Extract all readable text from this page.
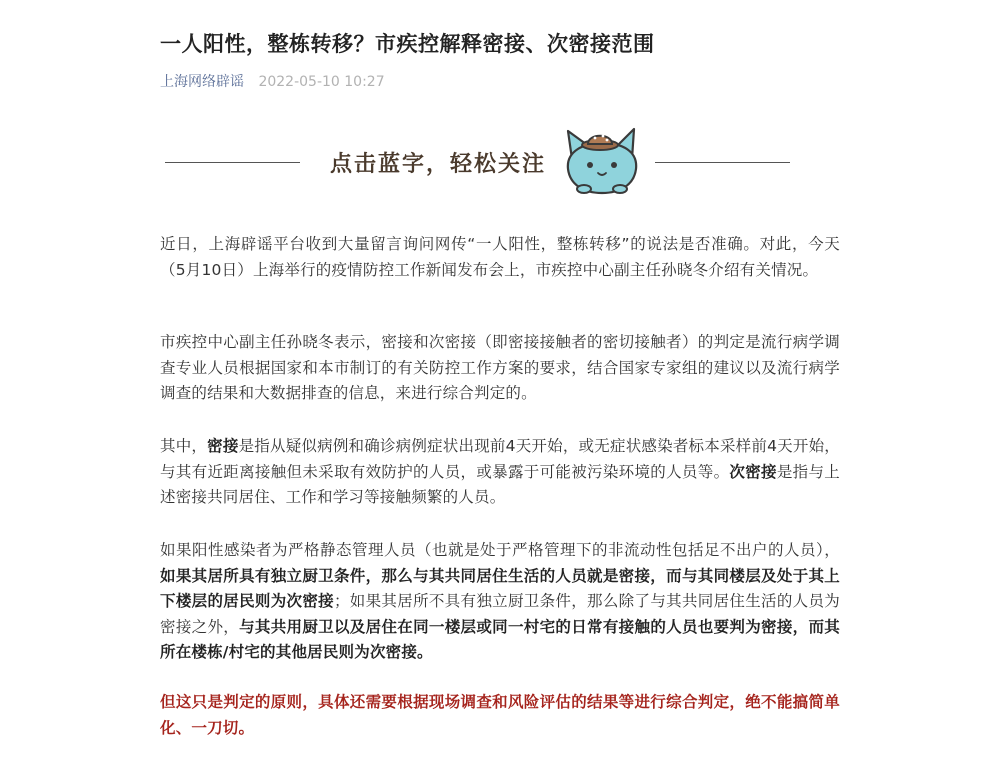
一人阳性，整栋转移？市疾控解释密接、次密接范围
上海网络辟谣 2022-05-10 10:27
点击蓝字，轻松关注
近日，上海辟谣平台收到大量留言询问网传“一人阳性，整栋转移”的说法是否准确。对此，今天（5月10日）上海举行的疫情防控工作新闻发布会上，市疾控中心副主任孙晓冬介绍有关情况。
市疾控中心副主任孙晓冬表示，密接和次密接（即密接接触者的密切接触者）的判定是流行病学调查专业人员根据国家和本市制订的有关防控工作方案的要求，结合国家专家组的建议以及流行病学调查的结果和大数据排查的信息，来进行综合判定的。
其中，密接是指从疑似病例和确诊病例症状出现前4天开始，或无症状感染者标本采样前4天开始，与其有近距离接触但未采取有效防护的人员，或暴露于可能被污染环境的人员等。次密接是指与上述密接共同居住、工作和学习等接触频繁的人员。
如果阳性感染者为严格静态管理人员（也就是处于严格管理下的非流动性包括足不出户的人员），如果其居所具有独立厨卫条件，那么与其共同居住生活的人员就是密接，而与其同楼层及处于其上下楼层的居民则为次密接；如果其居所不具有独立厨卫条件，那么除了与其共同居住生活的人员为密接之外，与其共用厨卫以及居住在同一楼层或同一村宅的日常有接触的人员也要判为密接，而其所在楼栋/村宅的其他居民则为次密接。
但这只是判定的原则，具体还需要根据现场调查和风险评估的结果等进行综合判定，绝不能搞简单化、一刀切。
